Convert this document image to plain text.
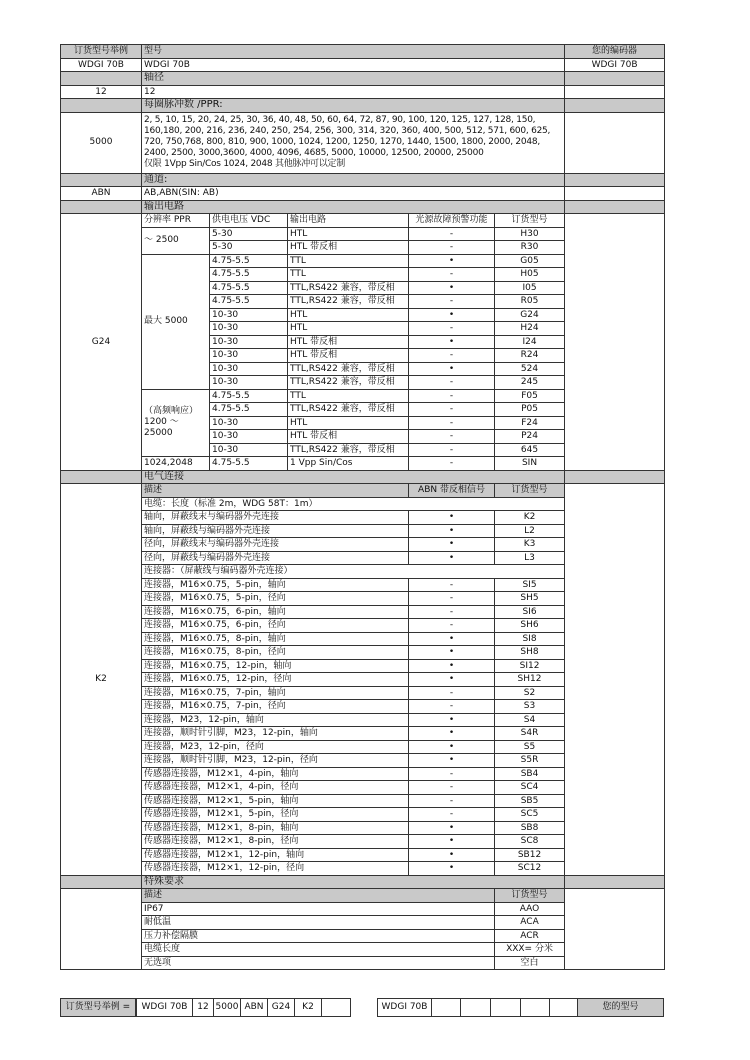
订货型号举例	型号					您的编码器
WDGI 70B	WDGI 70B					WDGI 70B
	轴径					
12	12					
	每圈脉冲数 /PPR:					
5000	2, 5, 10, 15, 20, 24, 25, 30, 36, 40, 48, 50, 60, 64, 72, 87, 90, 100, 120, 125, 127, 128, 150,
160,180, 200, 216, 236, 240, 250, 254, 256, 300, 314, 320, 360, 400, 500, 512, 571, 600, 625,
720, 750,768, 800, 810, 900, 1000, 1024, 1200, 1250, 1270, 1440, 1500, 1800, 2000, 2048,
2400, 2500, 3000,3600, 4000, 4096, 4685, 5000, 10000, 12500, 20000, 25000
仅限 1Vpp Sin/Cos 1024, 2048 其他脉冲可以定制					

	通道:					
ABN	AB,ABN(SIN: AB)					
	输出电路					
G24	分辨率 PPR	供电电压 VDC	输出电路	光源故障预警功能	订货型号	
	～ 2500	5-30	HTL	-	H30	
		5-30	HTL 带反相	-	R30	
	最大 5000	4.75-5.5	TTL	•	G05	
		4.75-5.5	TTL	-	H05	
		4.75-5.5	TTL,RS422 兼容，带反相	•	I05	
		4.75-5.5	TTL,RS422 兼容，带反相	-	R05	
		10-30	HTL	•	G24	
		10-30	HTL	-	H24	
		10-30	HTL 带反相	•	I24	
		10-30	HTL 带反相	-	R24	
		10-30	TTL,RS422 兼容，带反相	•	524	
		10-30	TTL,RS422 兼容，带反相	-	245	
	（高频响应） 1200 ～ 25000	4.75-5.5	TTL	-	F05	
		4.75-5.5	TTL,RS422 兼容，带反相	-	P05	
		10-30	HTL	-	F24	
		10-30	HTL 带反相	-	P24	
		10-30	TTL,RS422 兼容，带反相	-	645	
	1024,2048	4.75-5.5	1 Vpp Sin/Cos	-	SIN	
	电气连接					
K2	描述			ABN 带反相信号	订货型号	
	电缆：长度（标准 2m，WDG 58T：1m）					
	轴向，屏蔽线末与编码器外壳连接			•	K2	
	轴向，屏蔽线与编码器外壳连接			•	L2	
	径向，屏蔽线末与编码器外壳连接			•	K3	
	径向，屏蔽线与编码器外壳连接			•	L3	
	连接器：（屏蔽线与编码器外壳连接）					
	连接器，M16×0.75，5-pin，轴向			-	SI5	
	连接器，M16×0.75，5-pin，径向			-	SH5	
	连接器，M16×0.75，6-pin，轴向			-	SI6	
	连接器，M16×0.75，6-pin，径向			-	SH6	
	连接器，M16×0.75，8-pin，轴向			•	SI8	
	连接器，M16×0.75，8-pin，径向			•	SH8	
	连接器，M16×0.75，12-pin，轴向			•	SI12	
	连接器，M16×0.75，12-pin，径向			•	SH12	
	连接器，M16×0.75，7-pin，轴向			-	S2	
	连接器，M16×0.75，7-pin，径向			-	S3	
	连接器，M23，12-pin，轴向			•	S4	
	连接器，顺时针引脚，M23，12-pin，轴向			•	S4R	
	连接器，M23，12-pin，径向			•	S5	
	连接器，顺时针引脚，M23，12-pin，径向			•	S5R	
	传感器连接器，M12×1，4-pin，轴向			-	SB4	
	传感器连接器，M12×1，4-pin，径向			-	SC4	
	传感器连接器，M12×1，5-pin，轴向			-	SB5	
	传感器连接器，M12×1，5-pin，径向			-	SC5	
	传感器连接器，M12×1，8-pin，轴向			•	SB8	
	传感器连接器，M12×1，8-pin，径向			•	SC8	
	传感器连接器，M12×1，12-pin，轴向			•	SB12	
	传感器连接器，M12×1，12-pin，径向			•	SC12	
	特殊要求					
	描述				订货型号	
	IP67				AAO	
	耐低温				ACA	
	压力补偿隔膜				ACR	
	电缆长度				XXX= 分米	
	无选项				空白	
订货型号举例 =	WDGI 70B	12 5000 ABN G24	K2	WDGI 70B	您的型号
